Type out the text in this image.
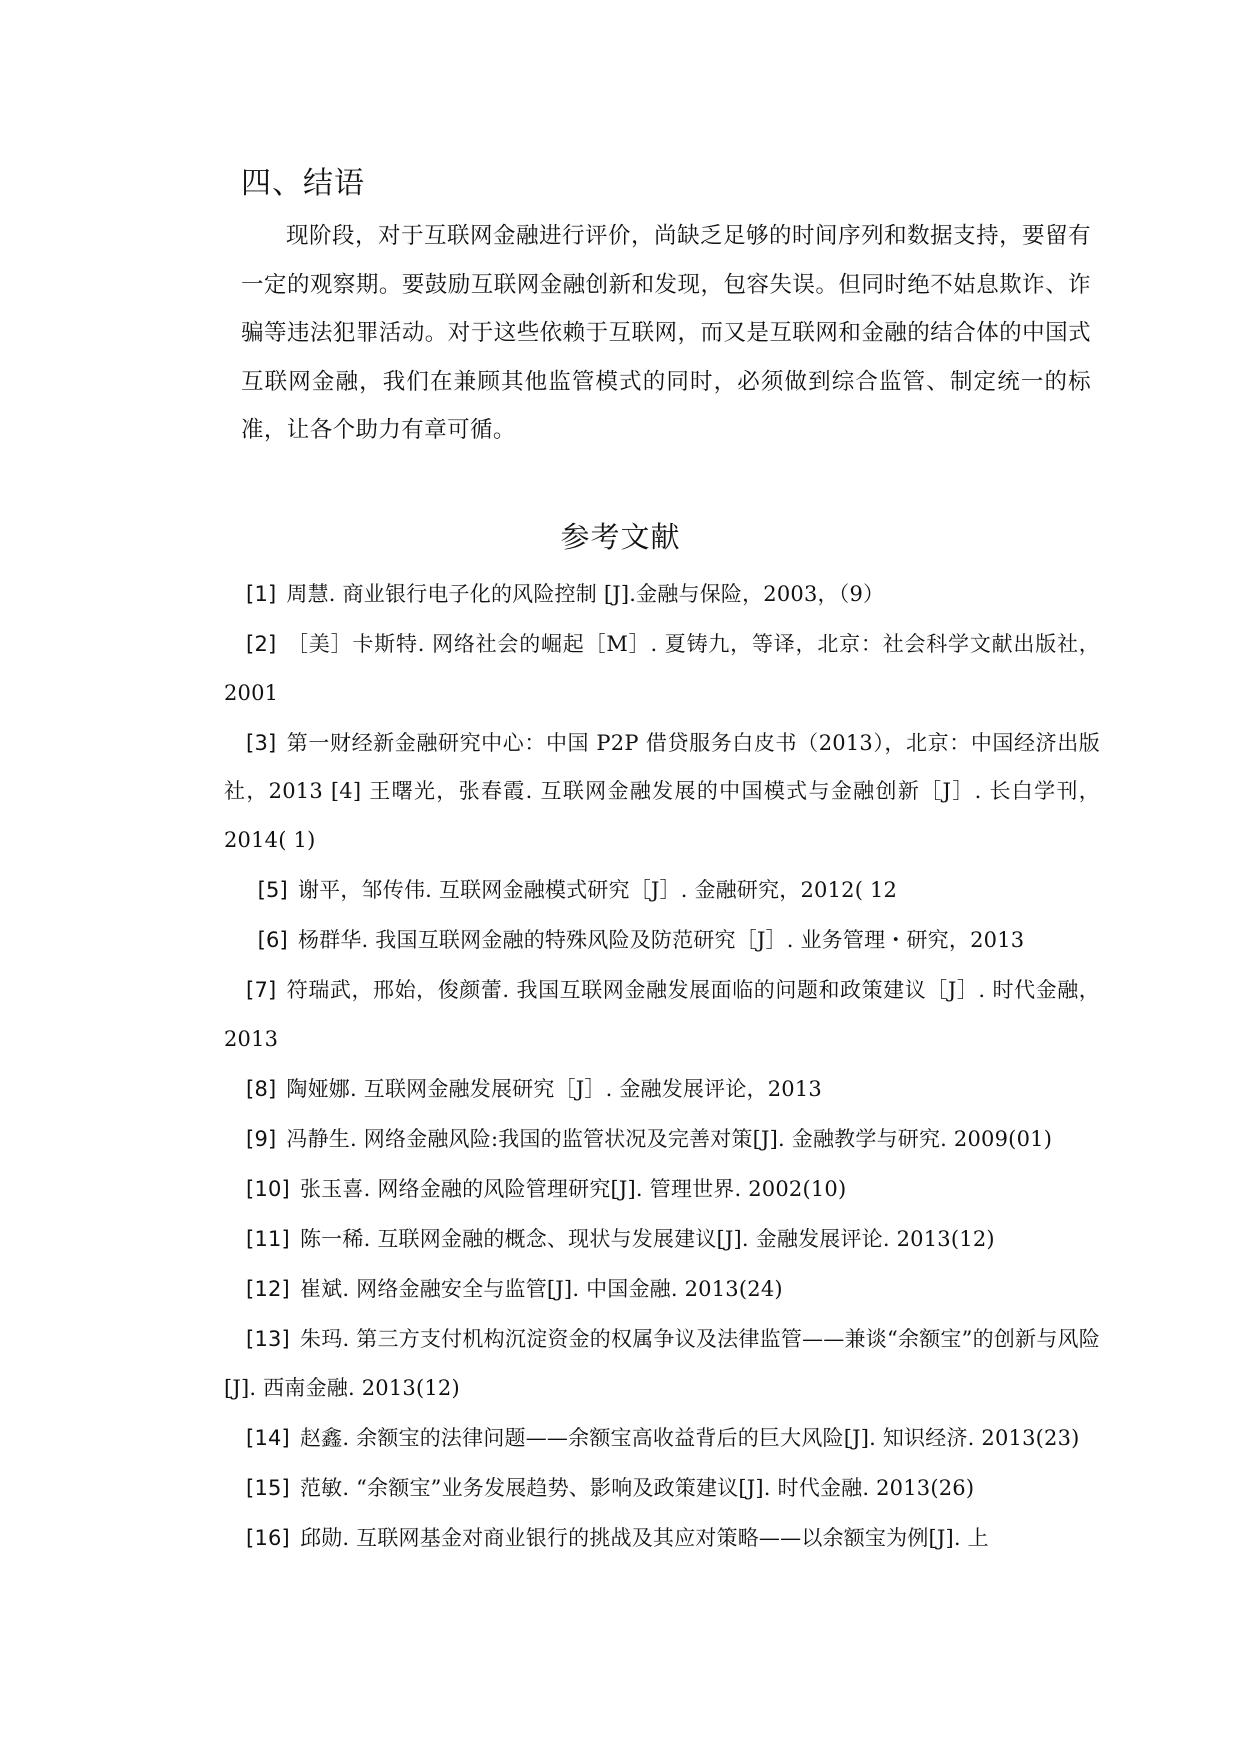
四、结语

现阶段，对于互联网金融进行评价，尚缺乏足够的时间序列和数据支持，要留有一定的观察期。要鼓励互联网金融创新和发现，包容失误。但同时绝不姑息欺诈、诈骗等违法犯罪活动。对于这些依赖于互联网，而又是互联网和金融的结合体的中国式互联网金融，我们在兼顾其他监管模式的同时，必须做到综合监管、制定统一的标准，让各个助力有章可循。

参考文献
[1] 周慧. 商业银行电子化的风险控制 [J].金融与保险，2003，（9）
[2] ［美］卡斯特. 网络社会的崛起［M］. 夏铸九，等译，北京：社会科学文献出版社，2001
[3] 第一财经新金融研究中心：中国 P2P 借贷服务白皮书（2013），北京：中国经济出版社，2013 [4] 王曙光，张春霞. 互联网金融发展的中国模式与金融创新［J］. 长白学刊，2014( 1)
[5] 谢平，邹传伟. 互联网金融模式研究［J］. 金融研究，2012( 12
[6] 杨群华. 我国互联网金融的特殊风险及防范研究［J］. 业务管理・研究，2013
[7] 符瑞武，邢始，俊颜蕾. 我国互联网金融发展面临的问题和政策建议［J］. 时代金融，2013
[8] 陶娅娜. 互联网金融发展研究［J］. 金融发展评论，2013
[9] 冯静生. 网络金融风险:我国的监管状况及完善对策[J]. 金融教学与研究. 2009(01)
[10] 张玉喜. 网络金融的风险管理研究[J]. 管理世界. 2002(10)
[11] 陈一稀. 互联网金融的概念、现状与发展建议[J]. 金融发展评论. 2013(12)
[12] 崔斌. 网络金融安全与监管[J]. 中国金融. 2013(24)
[13] 朱玛. 第三方支付机构沉淀资金的权属争议及法律监管——兼谈“余额宝”的创新与风险[J]. 西南金融. 2013(12)
[14] 赵鑫. 余额宝的法律问题——余额宝高收益背后的巨大风险[J]. 知识经济. 2013(23)
[15] 范敏. “余额宝”业务发展趋势、影响及政策建议[J]. 时代金融. 2013(26)
[16] 邱勋. 互联网基金对商业银行的挑战及其应对策略——以余额宝为例[J]. 上
